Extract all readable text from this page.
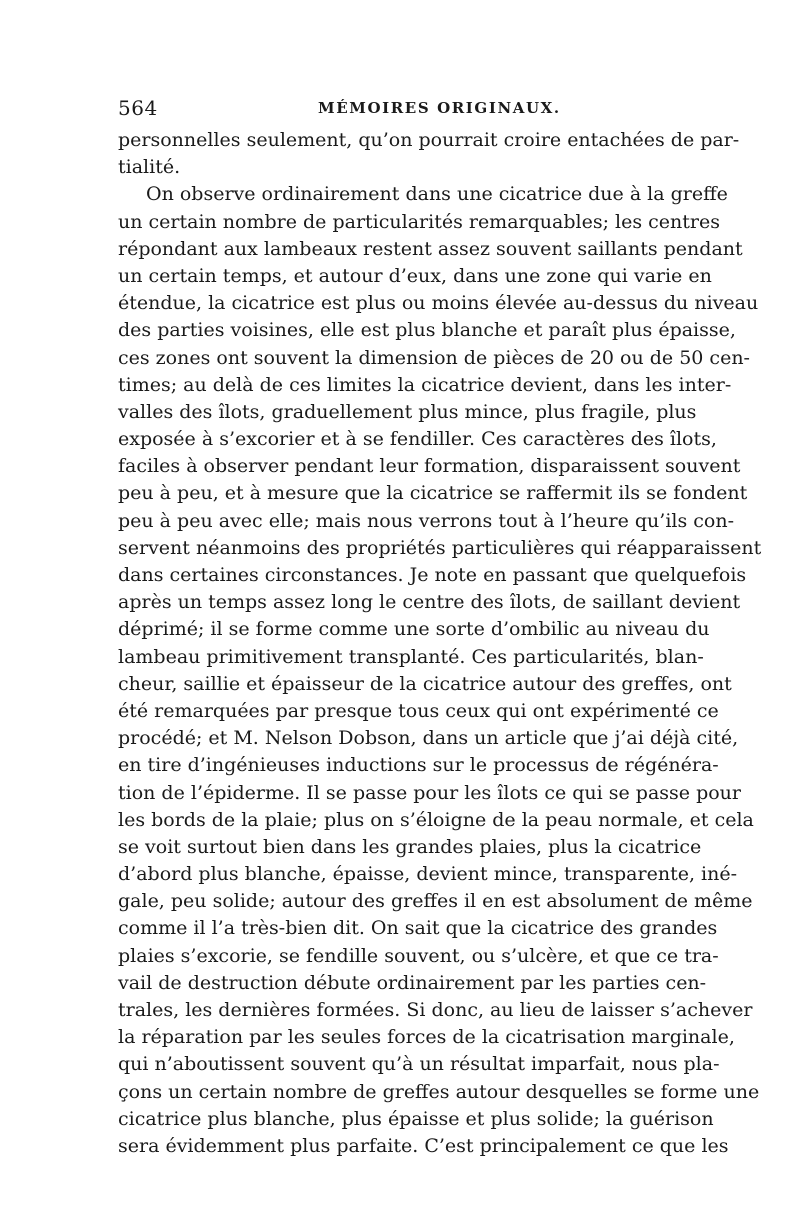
564	MÉMOIRES ORIGINAUX.
personnelles seulement, qu’on pourrait croire entachées de par-
tialité.
On observe ordinairement dans une cicatrice due à la greffe
un certain nombre de particularités remarquables; les centres
répondant aux lambeaux restent assez souvent saillants pendant
un certain temps, et autour d’eux, dans une zone qui varie en
étendue, la cicatrice est plus ou moins élevée au-dessus du niveau
des parties voisines, elle est plus blanche et paraît plus épaisse,
ces zones ont souvent la dimension de pièces de 20 ou de 50 cen-
times; au delà de ces limites la cicatrice devient, dans les inter-
valles des îlots, graduellement plus mince, plus fragile, plus
exposée à s’excorier et à se fendiller. Ces caractères des îlots,
faciles à observer pendant leur formation, disparaissent souvent
peu à peu, et à mesure que la cicatrice se raffermit ils se fondent
peu à peu avec elle; mais nous verrons tout à l’heure qu’ils con-
servent néanmoins des propriétés particulières qui réapparaissent
dans certaines circonstances. Je note en passant que quelquefois
après un temps assez long le centre des îlots, de saillant devient
déprimé; il se forme comme une sorte d’ombilic au niveau du
lambeau primitivement transplanté. Ces particularités, blan-
cheur, saillie et épaisseur de la cicatrice autour des greffes, ont
été remarquées par presque tous ceux qui ont expérimenté ce
procédé; et M. Nelson Dobson, dans un article que j’ai déjà cité,
en tire d’ingénieuses inductions sur le processus de régénéra-
tion de l’épiderme. Il se passe pour les îlots ce qui se passe pour
les bords de la plaie; plus on s’éloigne de la peau normale, et cela
se voit surtout bien dans les grandes plaies, plus la cicatrice
d’abord plus blanche, épaisse, devient mince, transparente, iné-
gale, peu solide; autour des greffes il en est absolument de même
comme il l’a très-bien dit. On sait que la cicatrice des grandes
plaies s’excorie, se fendille souvent, ou s’ulcère, et que ce tra-
vail de destruction débute ordinairement par les parties cen-
trales, les dernières formées. Si donc, au lieu de laisser s’achever
la réparation par les seules forces de la cicatrisation marginale,
qui n’aboutissent souvent qu’à un résultat imparfait, nous pla-
çons un certain nombre de greffes autour desquelles se forme une
cicatrice plus blanche, plus épaisse et plus solide; la guérison
sera évidemment plus parfaite. C’est principalement ce que les
